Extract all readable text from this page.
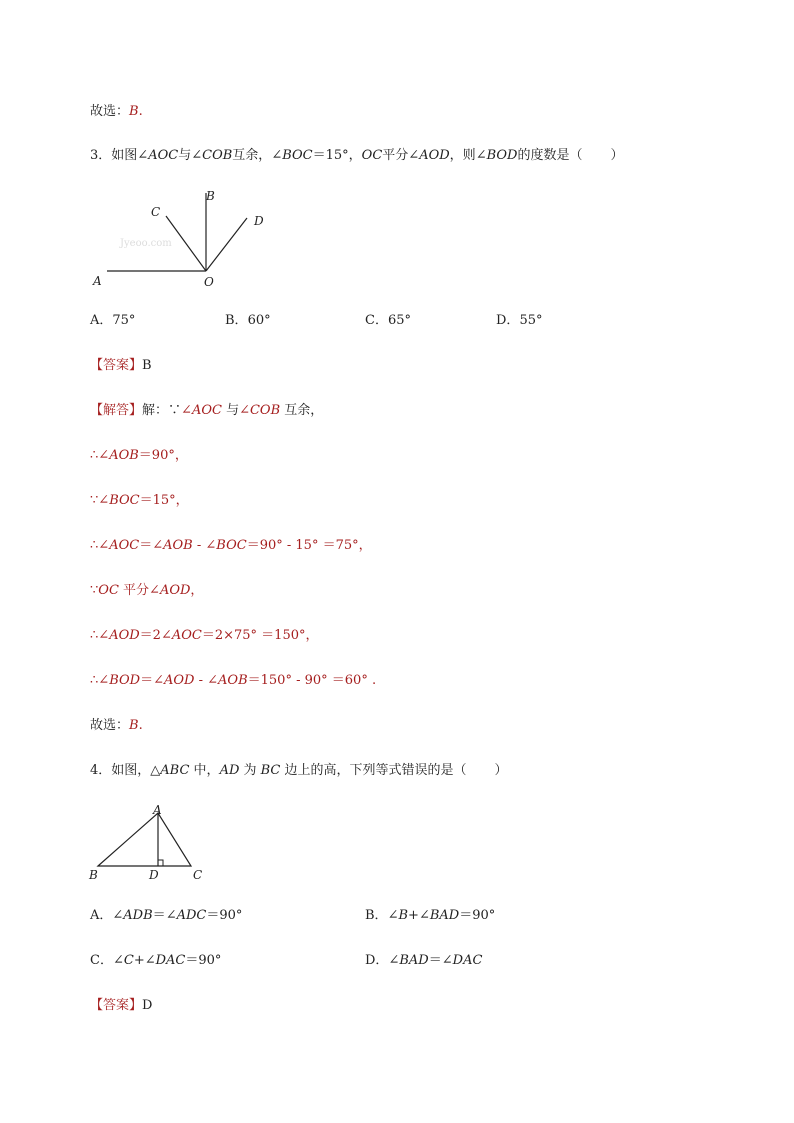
故选：B.
3．如图∠AOC与∠COB互余，∠BOC＝15°，OC平分∠AOD，则∠BOD的度数是（ ）
Jyeoo.com
A
B
C
D
O
A．75°	B．60°	C．65°	D．55°
【答案】B
【解答】解：∵∠AOC 与∠COB 互余，
∴∠AOB＝90°，
∵∠BOC＝15°，
∴∠AOC＝∠AOB - ∠BOC＝90° - 15° ＝75°，
∵OC 平分∠AOD，
∴∠AOD＝2∠AOC＝2×75° ＝150°，
∴∠BOD＝∠AOD - ∠AOB＝150° - 90° ＝60° .
故选：B.
4．如图，△ABC 中，AD 为 BC 边上的高，下列等式错误的是（ ）
A
B	C
D
A．∠ADB＝∠ADC＝90°	B．∠B+∠BAD＝90°
C．∠C+∠DAC＝90°	D．∠BAD＝∠DAC
【答案】D
